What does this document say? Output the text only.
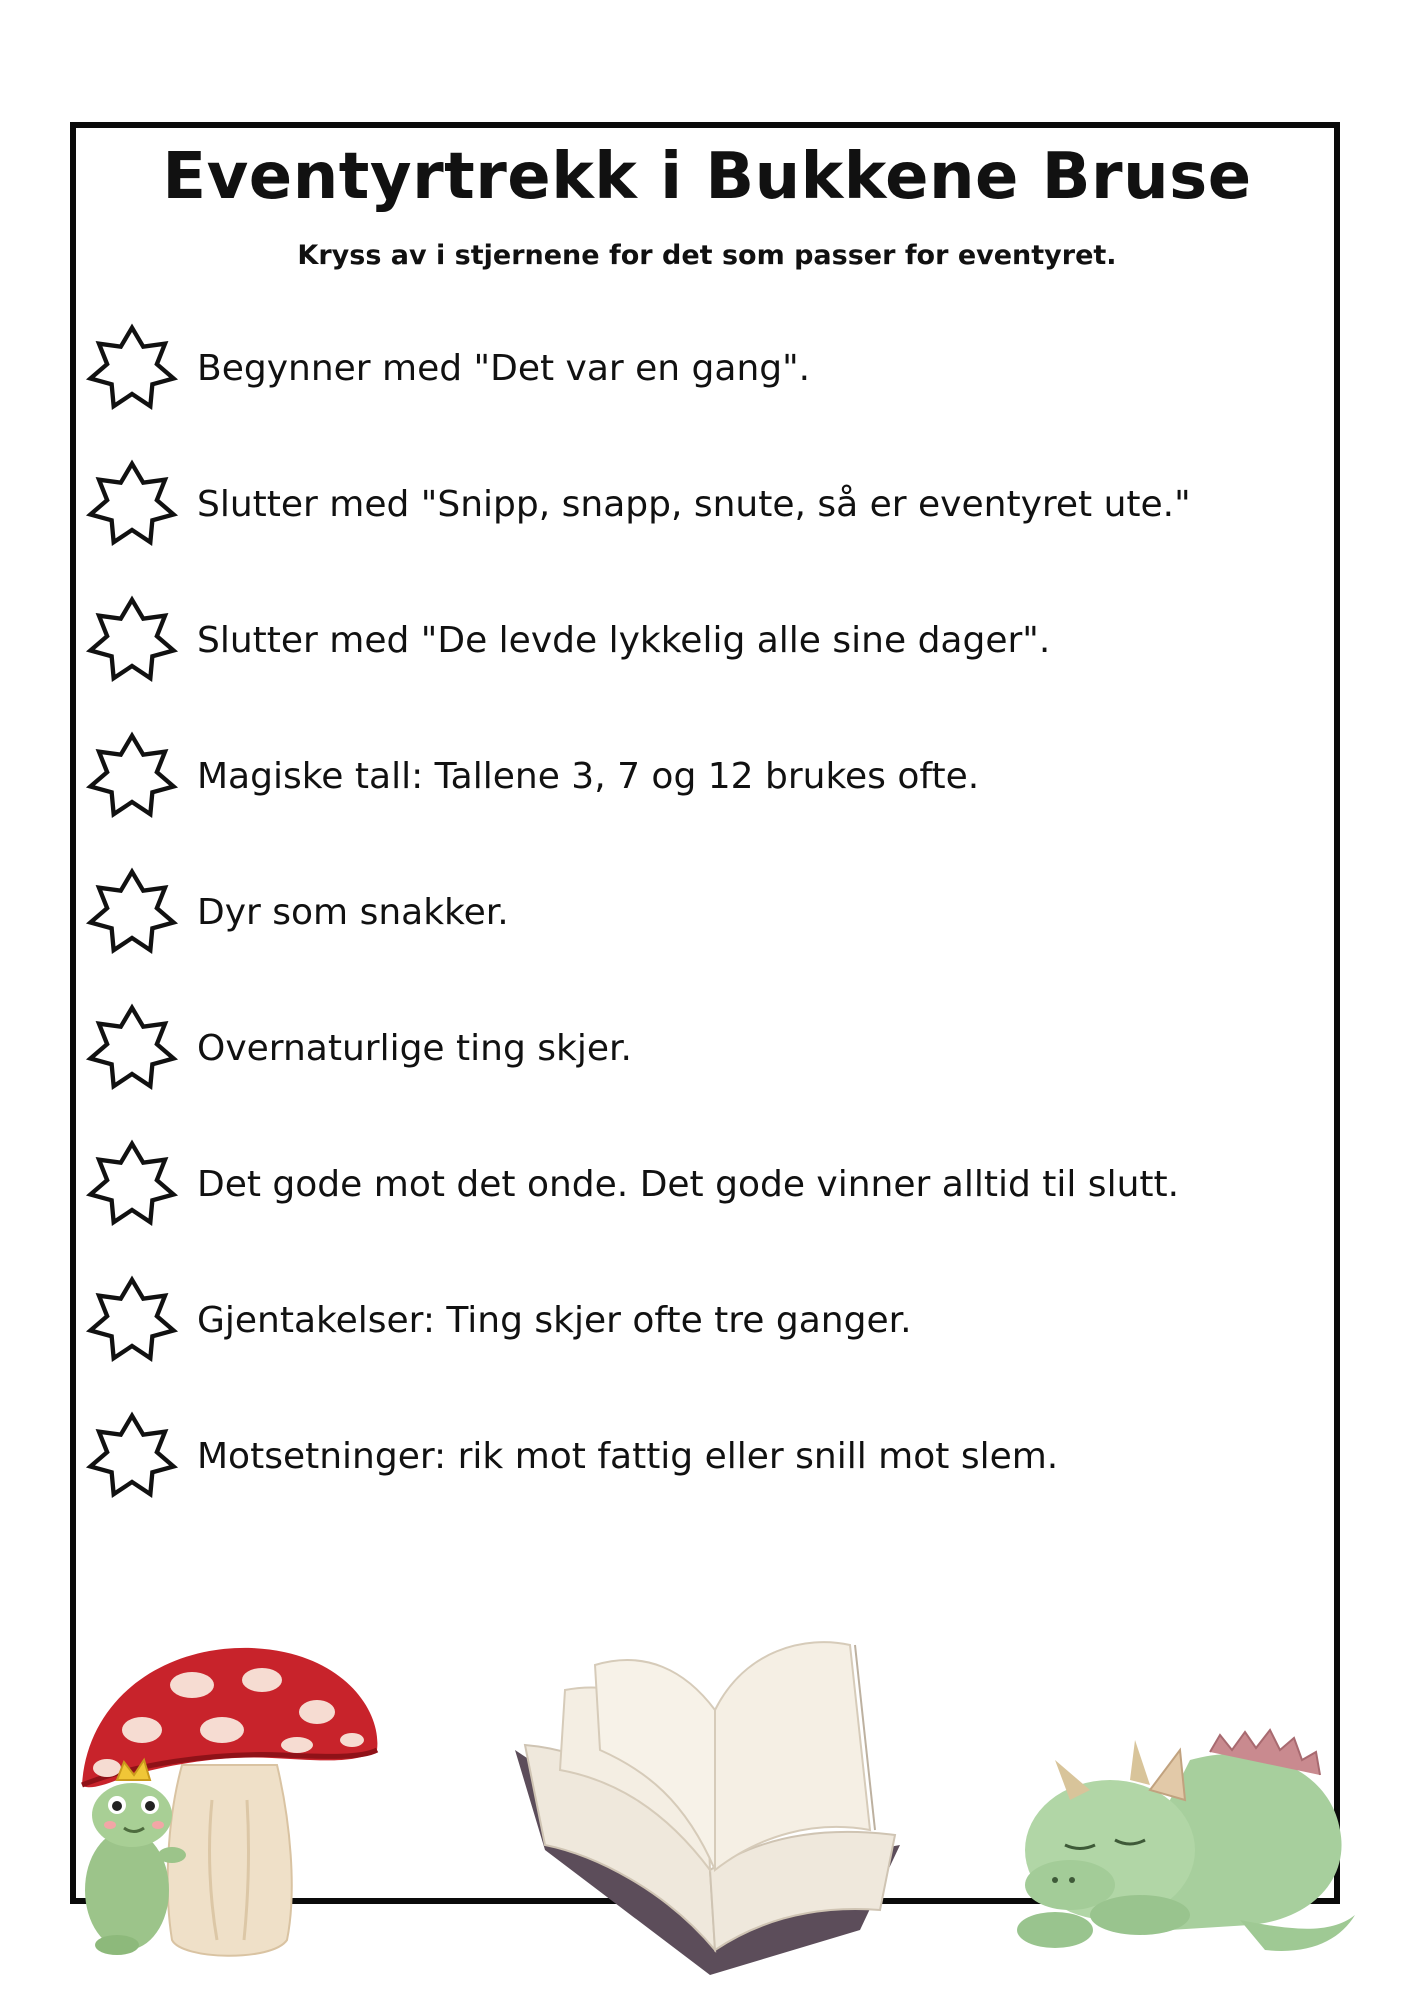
Eventyrtrekk i Bukkene Bruse

Kryss av i stjernene for det som passer for eventyret.

Begynner med "Det var en gang".
Slutter med "Snipp, snapp, snute, så er eventyret ute."
Slutter med "De levde lykkelig alle sine dager".
Magiske tall: Tallene 3, 7 og 12 brukes ofte.
Dyr som snakker.
Overnaturlige ting skjer.
Det gode mot det onde. Det gode vinner alltid til slutt.
Gjentakelser: Ting skjer ofte tre ganger.
Motsetninger: rik mot fattig eller snill mot slem.
